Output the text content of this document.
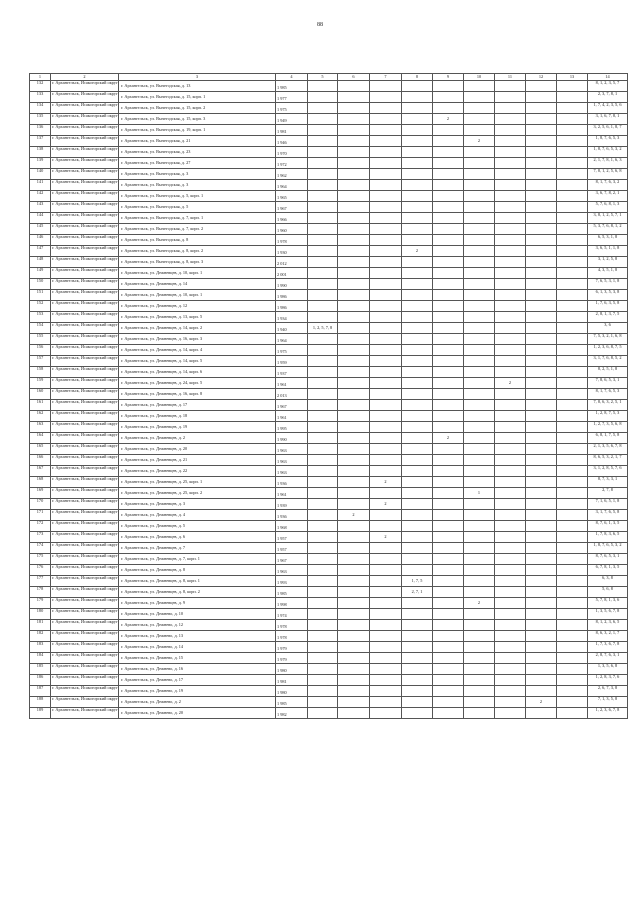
88
1	2	3	4	5	6	7	8	9	10	11	12	13	14
132	г. Архангельск, Исакогорский округ	г. Архангельск, ул. Вычегодская, д. 13	1 985										8, 1, 2, 3, 5, 7
133	г. Архангельск, Исакогорский округ	г. Архангельск, ул. Вычегодская, д. 15, корп. 1	1 977										2, 3, 7, 8, 1
134	г. Архангельск, Исакогорский округ	г. Архангельск, ул. Вычегодская, д. 15, корп. 2	1 975										1, 7, 4, 2, 3, 5, 6
135	г. Архангельск, Исакогорский округ	г. Архангельск, ул. Вычегодская, д. 15, корп. 3	1 949					2					3, 1, 6, 7, 8, 1
136	г. Архангельск, Исакогорский округ	г. Архангельск, ул. Вычегодская, д. 19, корп. 1	1 981										3, 2, 5, 6, 1, 8, 7
137	г. Архангельск, Исакогорский округ	г. Архангельск, ул. Вычегодская, д. 21	1 946						2				1, 8, 7, 6, 5, 3
138	г. Архангельск, Исакогорский округ	г. Архангельск, ул. Вычегодская, д. 23	1 970										1, 8, 7, 6, 5, 3, 2
139	г. Архангельск, Исакогорский округ	г. Архангельск, ул. Вычегодская, д. 27	1 972										2, 1, 7, 8, 1, 6, 3
140	г. Архангельск, Исакогорский округ	г. Архангельск, ул. Вычегодская, д. 3	1 962										7, 8, 1, 2, 5, 6, 8
141	г. Архангельск, Исакогорский округ	г. Архангельск, ул. Вычегодская, д. 3	1 964										8, 1, 7, 6, 3, 2
142	г. Архангельск, Исакогорский округ	г. Архангельск, ул. Вычегодская, д. 5, корп. 1	1 965										3, 6, 7, 8, 2, 1
143	г. Архангельск, Исакогорский округ	г. Архангельск, ул. Вычегодская, д. 5	1 967										5, 7, 6, 8, 1, 3
144	г. Архангельск, Исакогорский округ	г. Архангельск, ул. Вычегодская, д. 7, корп. 1	1 966										3, 8, 1, 2, 5, 7, 1
145	г. Архангельск, Исакогорский округ	г. Архангельск, ул. Вычегодская, д. 7, корп. 2	1 960										5, 3, 7, 6, 8, 1, 2
146	г. Архангельск, Исакогорский округ	г. Архангельск, ул. Вычегодская, д. 8	1 978										6, 5, 3, 1, 8
147	г. Архангельск, Исакогорский округ	г. Архангельск, ул. Вычегодская, д. 8, корп. 2	1 930				2						3, 6, 5, 1, 1, 8
148	г. Архангельск, Исакогорский округ	г. Архангельск, ул. Вычегодская, д. 8, корп. 3	2 012										3, 1, 2, 5, 8
149	г. Архангельск, Исакогорский округ	г. Архангельск, ул. Дежневцев, д. 10, корп. 1	2 001										4, 3, 5, 1, 8
150	г. Архангельск, Исакогорский округ	г. Архангельск, ул. Дежневцев, д. 14	1 990										7, 6, 5, 3, 1, 8
151	г. Архангельск, Исакогорский округ	г. Архангельск, ул. Дежневцев, д. 10, корп. 1	1 986										6, 1, 3, 5, 3, 8
152	г. Архангельск, Исакогорский округ	г. Архангельск, ул. Дежневцев, д. 12	1 986										1, 7, 6, 3, 5, 8
153	г. Архангельск, Исакогорский округ	г. Архангельск, ул. Дежневцев, д. 13, корп. 5	1 934										2, 8, 1, 3, 7, 5
154	г. Архангельск, Исакогорский округ	г. Архангельск, ул. Дежневцев, д. 14, корп. 2	1 940	1, 2, 5, 7, 8									3, 6
155	г. Архангельск, Исакогорский округ	г. Архангельск, ул. Дежневцев, д. 16, корп. 3	1 964										7, 5, 3, 2, 1, 6, 8
156	г. Архангельск, Исакогорский округ	г. Архангельск, ул. Дежневцев, д. 14, корп. 4	1 975										1, 2, 3, 6, 8, 7, 5
157	г. Архангельск, Исакогорский округ	г. Архангельск, ул. Дежневцев, д. 14, корп. 5	1 959										3, 1, 7, 6, 8, 5, 2
158	г. Архангельск, Исакогорский округ	г. Архангельск, ул. Дежневцев, д. 14, корп. 6	1 937										8, 2, 5, 1, 8
159	г. Архангельск, Исакогорский округ	г. Архангельск, ул. Дежневцев, д. 24, корп. 5	1 961							2			7, 8, 6, 5, 3, 1
160	г. Архангельск, Исакогорский округ	г. Архангельск, ул. Дежневцев, д. 16, корп. 8	2 013										8, 1, 7, 6, 5, 3
161	г. Архангельск, Исакогорский округ	г. Архангельск, ул. Дежневцев, д. 17	1 967										7, 8, 6, 3, 2, 5, 1
162	г. Архангельск, Исакогорский округ	г. Архангельск, ул. Дежневцев, д. 18	1 961										1, 2, 8, 7, 5, 3
163	г. Архангельск, Исакогорский округ	г. Архангельск, ул. Дежневцев, д. 19	1 995										1, 2, 7, 3, 5, 6, 8
164	г. Архангельск, Исакогорский округ	г. Архангельск, ул. Дежневцев, д. 2	1 990					2					6, 8, 1, 7, 5, 8
165	г. Архангельск, Исакогорский округ	г. Архангельск, ул. Дежневцев, д. 20	1 963										2, 1, 3, 5, 6, 7, 8
166	г. Архангельск, Исакогорский округ	г. Архангельск, ул. Дежневцев, д. 21	1 963										8, 6, 5, 3, 2, 1, 7
167	г. Архангельск, Исакогорский округ	г. Архангельск, ул. Дежневцев, д. 22	1 963										3, 1, 2, 8, 5, 7, 6
168	г. Архангельск, Исакогорский округ	г. Архангельск, ул. Дежневцев, д. 25, корп. 1	1 936			2							8, 7, 3, 3, 1
169	г. Архангельск, Исакогорский округ	г. Архангельск, ул. Дежневцев, д. 25, корп. 2	1 961						1				2, 7, 8
170	г. Архангельск, Исакогорский округ	г. Архангельск, ул. Дежневцев, д. 3	1 939			2							7, 1, 6, 5, 1, 8
171	г. Архангельск, Исакогорский округ	г. Архангельск, ул. Дежневцев, д. 4	1 936		2								3, 1, 7, 6, 5, 8
172	г. Архангельск, Исакогорский округ	г. Архангельск, ул. Дежневцев, д. 5	1 968										8, 7, 6, 1, 3, 5
173	г. Архангельск, Исакогорский округ	г. Архангельск, ул. Дежневцев, д. 6	1 957			2							1, 7, 8, 3, 6, 5
174	г. Архангельск, Исакогорский округ	г. Архангельск, ул. Дежневцев, д. 7	1 957										1, 8, 7, 6, 5, 3, 2
175	г. Архангельск, Исакогорский округ	г. Архангельск, ул. Дежневцев, д. 7, корп. 1	1 967										8, 7, 6, 5, 3, 1
176	г. Архангельск, Исакогорский округ	г. Архангельск, ул. Дежневцев, д. 8	1 963										6, 7, 8, 1, 3, 5
177	г. Архангельск, Исакогорский округ	г. Архангельск, ул. Дежневцев, д. 8, корп. 1	1 993				1, 7, 5						6, 3, 8
178	г. Архангельск, Исакогорский округ	г. Архангельск, ул. Дежневцев, д. 8, корп. 2	1 985				2, 7, 1						5, 6, 8
179	г. Архангельск, Исакогорский округ	г. Архангельск, ул. Дежневцев, д. 9	1 998						2				5, 7, 8, 1, 3, 6
180	г. Архангельск, Исакогорский округ	г. Архангельск, ул. Дежнево, д. 10	1 974										1, 3, 5, 6, 7, 8
181	г. Архангельск, Исакогорский округ	г. Архангельск, ул. Дежнево, д. 12	1 978										8, 1, 2, 3, 6, 5
182	г. Архангельск, Исакогорский округ	г. Архангельск, ул. Дежнево, д. 13	1 978										8, 6, 3, 2, 1, 7
183	г. Архангельск, Исакогорский округ	г. Архангельск, ул. Дежнево, д. 14	1 979										1, 7, 3, 6, 7, 8
184	г. Архангельск, Исакогорский округ	г. Архангельск, ул. Дежнево, д. 15	1 979										2, 8, 7, 6, 3, 1
185	г. Архангельск, Исакогорский округ	г. Архангельск, ул. Дежнево, д. 16	1 980										1, 3, 5, 6, 8
186	г. Архангельск, Исакогорский округ	г. Архангельск, ул. Дежнево, д. 17	1 981										1, 2, 8, 3, 7, 6
187	г. Архангельск, Исакогорский округ	г. Архангельск, ул. Дежнево, д. 19	1 980										2, 6, 7, 3, 8
188	г. Архангельск, Исакогорский округ	г. Архангельск, ул. Дежнево, д. 2	1 985								2		7, 1, 3, 5, 8
189	г. Архангельск, Исакогорский округ	г. Архангельск, ул. Дежнево, д. 20	1 982										1, 2, 3, 6, 7, 8
